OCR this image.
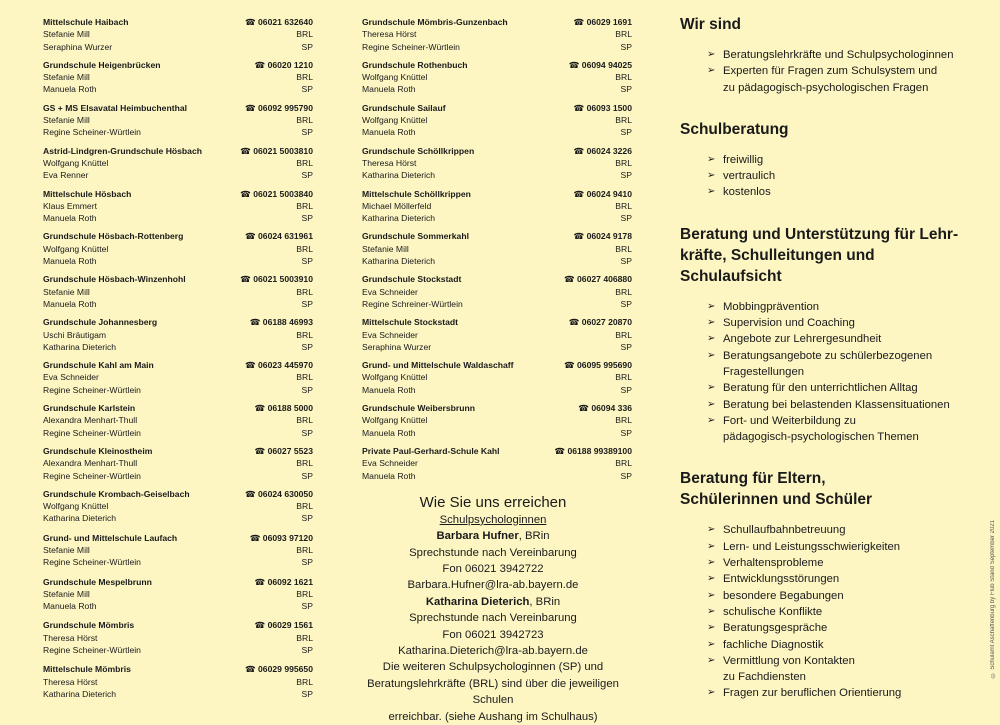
Mittelschule Haibach	☎ 06021 632640
Stefanie Mill	BRL
Seraphina Wurzer	SP
Grundschule Heigenbrücken	☎ 06020 1210
Stefanie Mill	BRL
Manuela Roth	SP
GS + MS Elsavatal Heimbuchenthal	☎ 06092 995790
Stefanie Mill	BRL
Regine Scheiner-Würtlein	SP
Astrid-Lindgren-Grundschule Hösbach	☎ 06021 5003810
Wolfgang Knüttel	BRL
Eva Renner	SP
Mittelschule Hösbach	☎ 06021 5003840
Klaus Emmert	BRL
Manuela Roth	SP
Grundschule Hösbach-Rottenberg	☎ 06024 631961
Wolfgang Knüttel	BRL
Manuela Roth	SP
Grundschule Hösbach-Winzenhohl	☎ 06021 5003910
Stefanie Mill	BRL
Manuela Roth	SP
Grundschule Johannesberg	☎ 06188 46993
Uschi Bräutigam	BRL
Katharina Dieterich	SP
Grundschule Kahl am Main	☎ 06023 445970
Eva Schneider	BRL
Regine Scheiner-Würtlein	SP
Grundschule Karlstein	☎ 06188 5000
Alexandra Menhart-Thull	BRL
Regine Scheiner-Würtlein	SP
Grundschule Kleinostheim	☎ 06027 5523
Alexandra Menhart-Thull	BRL
Regine Scheiner-Würtlein	SP
Grundschule Krombach-Geiselbach	☎ 06024 630050
Wolfgang Knüttel	BRL
Katharina Dieterich	SP
Grund- und Mittelschule Laufach	☎ 06093 97120
Stefanie Mill	BRL
Regine Scheiner-Würtlein	SP
Grundschule Mespelbrunn	☎ 06092 1621
Stefanie Mill	BRL
Manuela Roth	SP
Grundschule Mömbris	☎ 06029 1561
Theresa Hörst	BRL
Regine Scheiner-Würtlein	SP
Mittelschule Mömbris	☎ 06029 995650
Theresa Hörst	BRL
Katharina Dieterich	SP
Grundschule Mömbris-Gunzenbach	☎ 06029 1691
Theresa Hörst	BRL
Regine Scheiner-Würtlein	SP
Grundschule Rothenbuch	☎ 06094 94025
Wolfgang Knüttel	BRL
Manuela Roth	SP
Grundschule Sailauf	☎ 06093 1500
Wolfgang Knüttel	BRL
Manuela Roth	SP
Grundschule Schöllkrippen	☎ 06024 3226
Theresa Hörst	BRL
Katharina Dieterich	SP
Mittelschule Schöllkrippen	☎ 06024 9410
Michael Möllerfeld	BRL
Katharina Dieterich	SP
Grundschule Sommerkahl	☎ 06024 9178
Stefanie Mill	BRL
Katharina Dieterich	SP
Grundschule Stockstadt	☎ 06027 406880
Eva Schneider	BRL
Regine Schreiner-Würtlein	SP
Mittelschule Stockstadt	☎ 06027 20870
Eva Schneider	BRL
Seraphina Wurzer	SP
Grund- und Mittelschule Waldaschaff	☎ 06095 995690
Wolfgang Knüttel	BRL
Manuela Roth	SP
Grundschule Weibersbrunn	☎ 06094 336
Wolfgang Knüttel	BRL
Manuela Roth	SP
Private Paul-Gerhard-Schule Kahl	☎ 06188 99389100
Eva Schneider	BRL
Manuela Roth	SP
Wie Sie uns erreichen
Schulpsychologinnen
Barbara Hufner, BRin
Sprechstunde nach Vereinbarung
Fon 06021 3942722
Barbara.Hufner@lra-ab.bayern.de
Katharina Dieterich, BRin
Sprechstunde nach Vereinbarung
Fon 06021 3942723
Katharina.Dieterich@lra-ab.bayern.de
Die weiteren Schulpsychologinnen (SP) und
Beratungslehrkräfte (BRL) sind über die jeweiligen Schulen
erreichbar. (siehe Aushang im Schulhaus)
Wir sind
➢ Beratungslehrkräfte und Schulpsychologinnen
➢ Experten für Fragen zum Schulsystem und
zu pädagogisch-psychologischen Fragen
Schulberatung
➢ freiwillig
➢ vertraulich
➢ kostenlos
Beratung und Unterstützung für Lehr-
kräfte, Schulleitungen und Schulaufsicht
➢ Mobbingprävention
➢ Supervision und Coaching
➢ Angebote zur Lehrergesundheit
➢ Beratungsangebote zu schülerbezogenen
Fragestellungen
➢ Beratung für den unterrichtlichen Alltag
➢ Beratung bei belastenden Klassensituationen
➢ Fort- und Weiterbildung zu
pädagogisch-psychologischen Themen
Beratung für Eltern,
Schülerinnen und Schüler
➢ Schullaufbahnbetreuung
➢ Lern- und Leistungsschwierigkeiten
➢ Verhaltensprobleme
➢ Entwicklungsstörungen
➢ besondere Begabungen
➢ schulische Konflikte
➢ Beratungsgespräche
➢ fachliche Diagnostik
➢ Vermittlung von Kontakten
zu Fachdiensten
➢ Fragen zur beruflichen Orientierung
© Schulamt Aschaffenburg by Flub Stand September 2021
